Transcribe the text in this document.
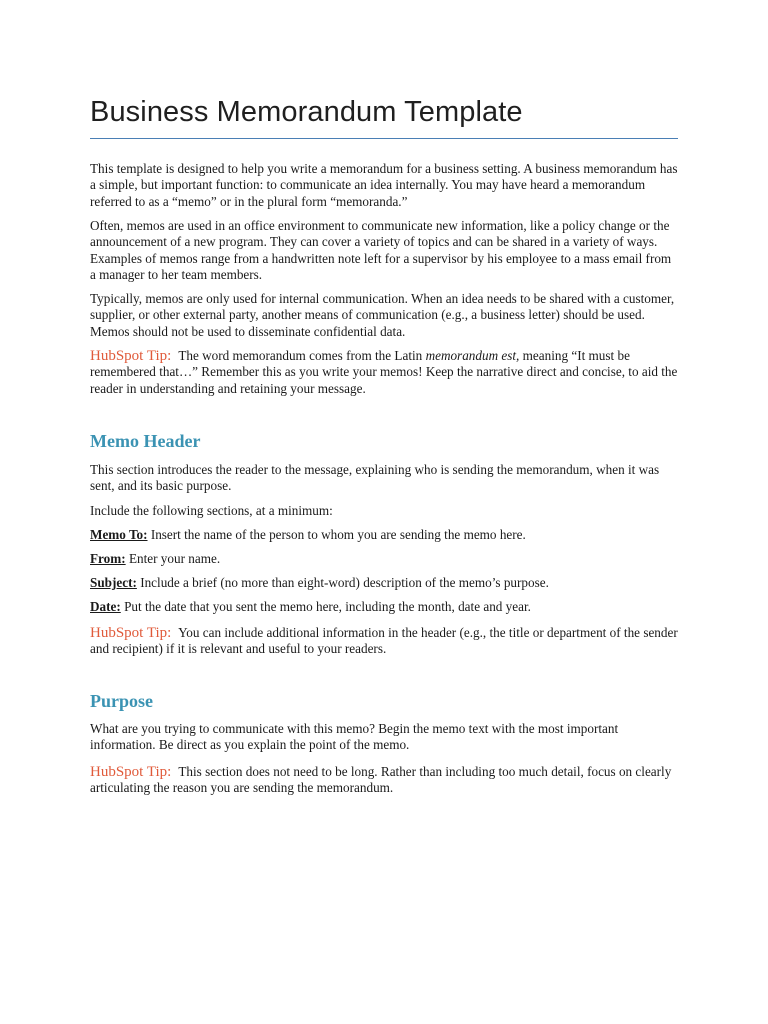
Business Memorandum Template

This template is designed to help you write a memorandum for a business setting. A business memorandum has a simple, but important function: to communicate an idea internally. You may have heard a memorandum referred to as a “memo” or in the plural form “memoranda.”

Often, memos are used in an office environment to communicate new information, like a policy change or the announcement of a new program. They can cover a variety of topics and can be shared in a variety of ways. Examples of memos range from a handwritten note left for a supervisor by his employee to a mass email from a manager to her team members.

Typically, memos are only used for internal communication. When an idea needs to be shared with a customer, supplier, or other external party, another means of communication (e.g., a business letter) should be used. Memos should not be used to disseminate confidential data.

HubSpot Tip: The word memorandum comes from the Latin memorandum est, meaning “It must be remembered that…” Remember this as you write your memos! Keep the narrative direct and concise, to aid the reader in understanding and retaining your message.

Memo Header

This section introduces the reader to the message, explaining who is sending the memorandum, when it was sent, and its basic purpose.

Include the following sections, at a minimum:

Memo To: Insert the name of the person to whom you are sending the memo here.

From: Enter your name.

Subject: Include a brief (no more than eight-word) description of the memo’s purpose.

Date: Put the date that you sent the memo here, including the month, date and year.

HubSpot Tip: You can include additional information in the header (e.g., the title or department of the sender and recipient) if it is relevant and useful to your readers.

Purpose

What are you trying to communicate with this memo? Begin the memo text with the most important information. Be direct as you explain the point of the memo.

HubSpot Tip: This section does not need to be long. Rather than including too much detail, focus on clearly articulating the reason you are sending the memorandum.
